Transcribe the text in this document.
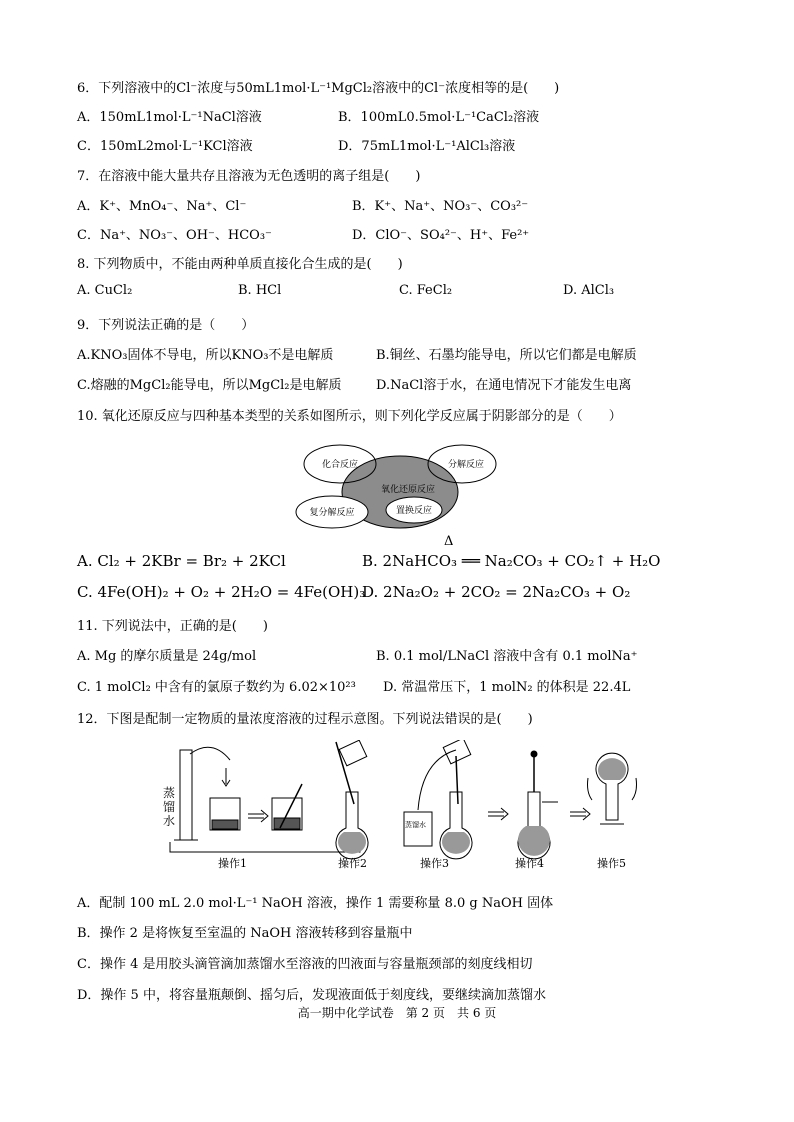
6．下列溶液中的Cl⁻浓度与50mL1mol·L⁻¹MgCl₂溶液中的Cl⁻浓度相等的是(　　)
A．150mL1mol·L⁻¹NaCl溶液	B．100mL0.5mol·L⁻¹CaCl₂溶液
C．150mL2mol·L⁻¹KCl溶液	D．75mL1mol·L⁻¹AlCl₃溶液
7．在溶液中能大量共存且溶液为无色透明的离子组是(　　)
A．K⁺、MnO₄⁻、Na⁺、Cl⁻	B．K⁺、Na⁺、NO₃⁻、CO₃²⁻
C．Na⁺、NO₃⁻、OH⁻、HCO₃⁻	D．ClO⁻、SO₄²⁻、H⁺、Fe²⁺
8. 下列物质中，不能由两种单质直接化合生成的是(　　)
A. CuCl₂	B. HCl	C. FeCl₂	D. AlCl₃
9．下列说法正确的是（　　）
A.KNO₃固体不导电，所以KNO₃不是电解质	B.铜丝、石墨均能导电，所以它们都是电解质
C.熔融的MgCl₂能导电，所以MgCl₂是电解质	D.NaCl溶于水，在通电情况下才能发生电离
10. 氧化还原反应与四种基本类型的关系如图所示，则下列化学反应属于阴影部分的是（　　）
化合反应	分解反应
氧化还原反应
复分解反应	置换反应
A. Cl₂ + 2KBr = Br₂ + 2KCl
Δ
B. 2NaHCO₃ ══ Na₂CO₃ + CO₂↑ + H₂O
C. 4Fe(OH)₂ + O₂ + 2H₂O = 4Fe(OH)₃
D. 2Na₂O₂ + 2CO₂ = 2Na₂CO₃ + O₂
11. 下列说法中，正确的是(　　)
A. Mg 的摩尔质量是 24g/mol	B. 0.1 mol/LNaCl 溶液中含有 0.1 molNa⁺
C. 1 molCl₂ 中含有的氯原子数约为 6.02×10²³ D. 常温常压下，1 molN₂ 的体积是 22.4L
12．下图是配制一定物质的量浓度溶液的过程示意图。下列说法错误的是(　　)
蒸馏水	蒸馏水
操作1	操作2	操作3	操作4	操作5
A．配制 100 mL 2.0 mol·L⁻¹ NaOH 溶液，操作 1 需要称量 8.0 g NaOH 固体
B．操作 2 是将恢复至室温的 NaOH 溶液转移到容量瓶中
C．操作 4 是用胶头滴管滴加蒸馏水至溶液的凹液面与容量瓶颈部的刻度线相切
D．操作 5 中，将容量瓶颠倒、摇匀后，发现液面低于刻度线，要继续滴加蒸馏水
高一期中化学试卷　第 2 页　共 6 页
